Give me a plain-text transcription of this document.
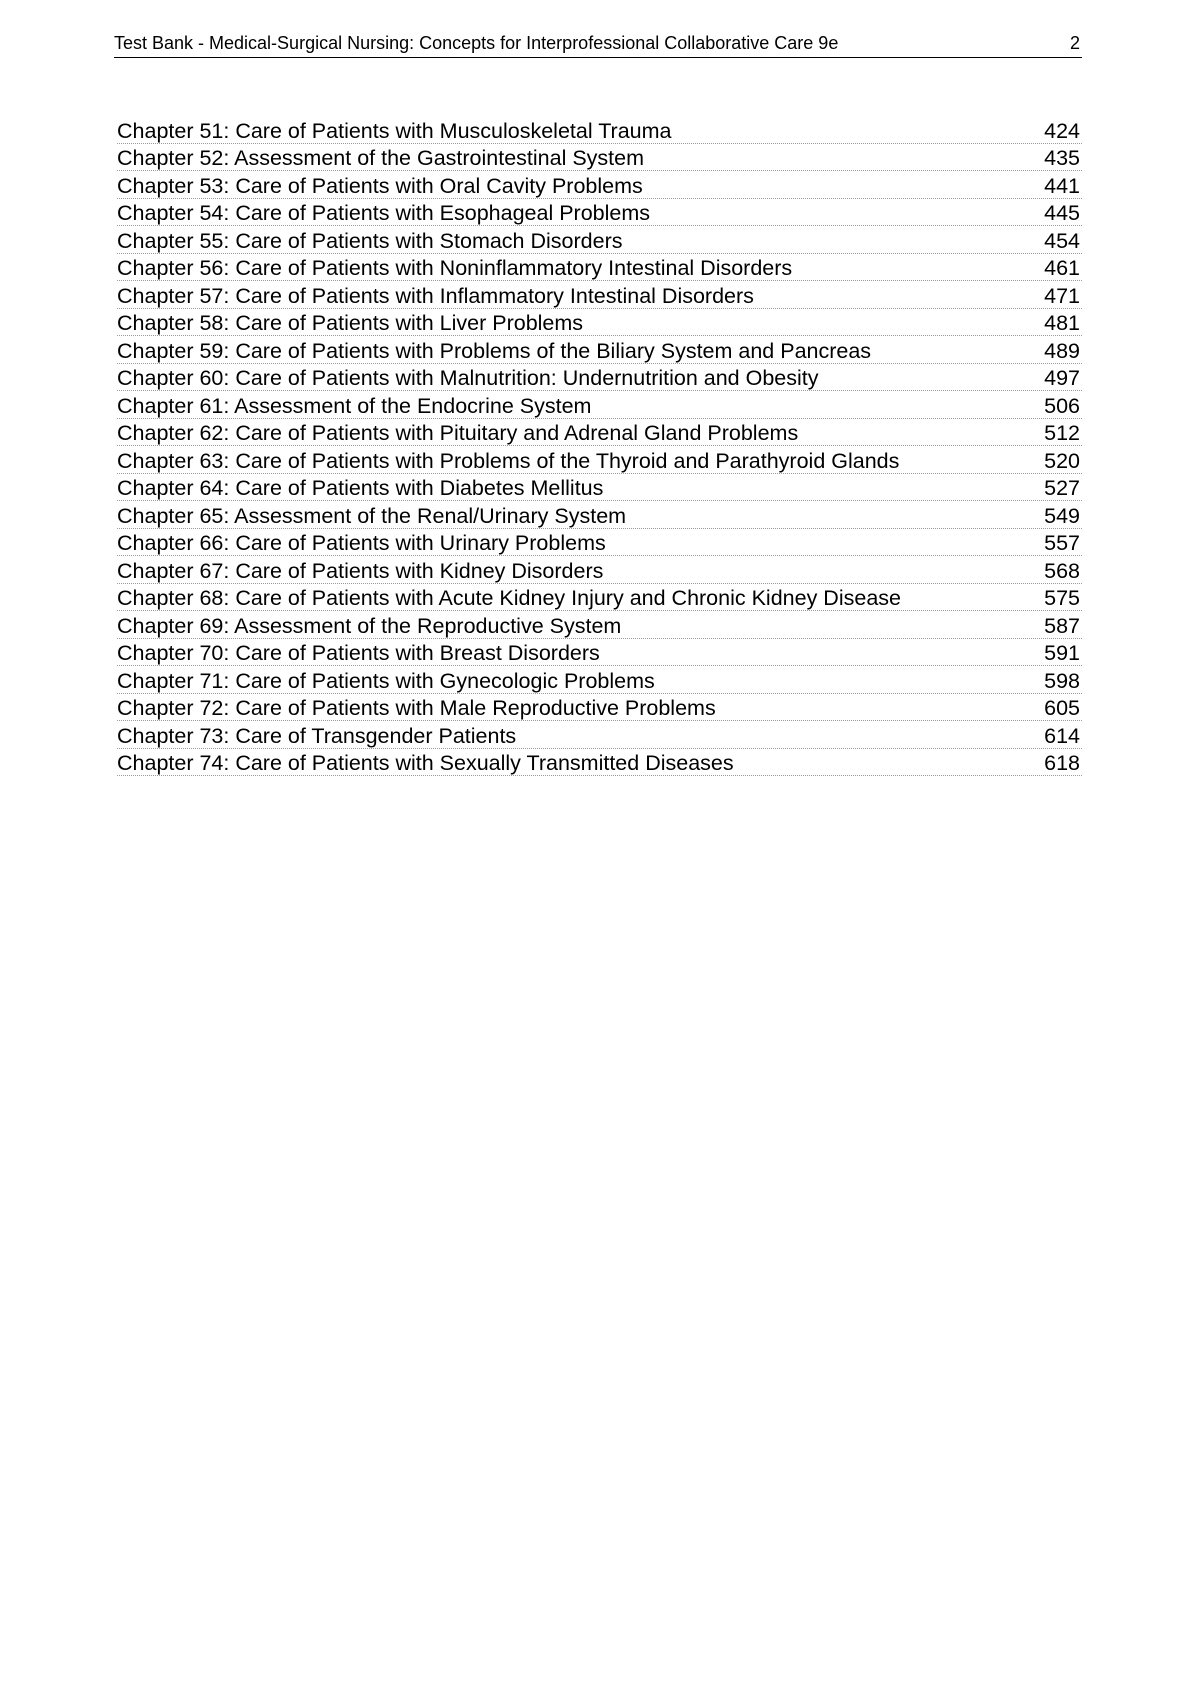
Test Bank - Medical-Surgical Nursing: Concepts for Interprofessional Collaborative Care 9e	2
Chapter 51: Care of Patients with Musculoskeletal Trauma	424
Chapter 52: Assessment of the Gastrointestinal System	435
Chapter 53: Care of Patients with Oral Cavity Problems	441
Chapter 54: Care of Patients with Esophageal Problems	445
Chapter 55: Care of Patients with Stomach Disorders	454
Chapter 56: Care of Patients with Noninflammatory Intestinal Disorders	461
Chapter 57: Care of Patients with Inflammatory Intestinal Disorders	471
Chapter 58: Care of Patients with Liver Problems	481
Chapter 59: Care of Patients with Problems of the Biliary System and Pancreas	489
Chapter 60: Care of Patients with Malnutrition: Undernutrition and Obesity	497
Chapter 61: Assessment of the Endocrine System	506
Chapter 62: Care of Patients with Pituitary and Adrenal Gland Problems	512
Chapter 63: Care of Patients with Problems of the Thyroid and Parathyroid Glands	520
Chapter 64: Care of Patients with Diabetes Mellitus	527
Chapter 65: Assessment of the Renal/Urinary System	549
Chapter 66: Care of Patients with Urinary Problems	557
Chapter 67: Care of Patients with Kidney Disorders	568
Chapter 68: Care of Patients with Acute Kidney Injury and Chronic Kidney Disease	575
Chapter 69: Assessment of the Reproductive System	587
Chapter 70: Care of Patients with Breast Disorders	591
Chapter 71: Care of Patients with Gynecologic Problems	598
Chapter 72: Care of Patients with Male Reproductive Problems	605
Chapter 73: Care of Transgender Patients	614
Chapter 74: Care of Patients with Sexually Transmitted Diseases	618
